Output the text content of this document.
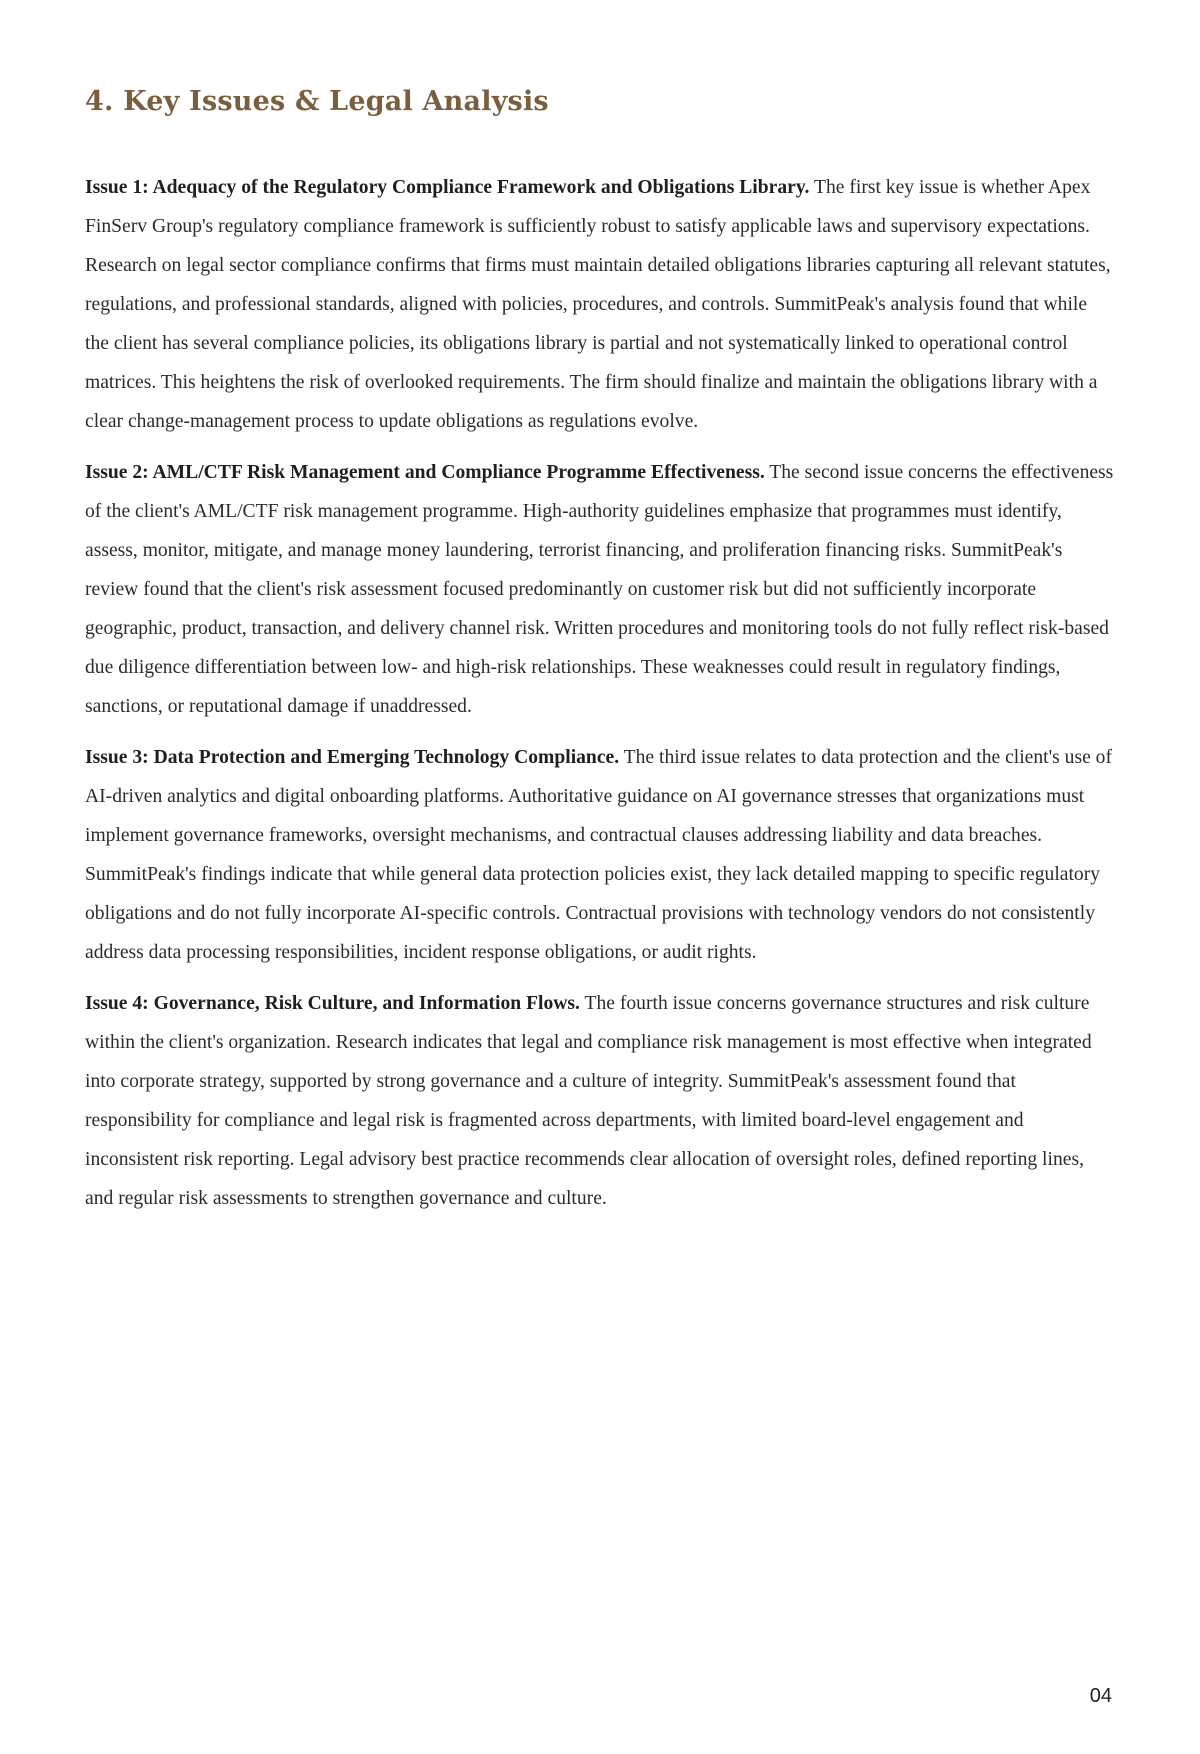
4. Key Issues & Legal Analysis

Issue 1: Adequacy of the Regulatory Compliance Framework and Obligations Library. The first key issue is whether Apex FinServ Group's regulatory compliance framework is sufficiently robust to satisfy applicable laws and supervisory expectations. Research on legal sector compliance confirms that firms must maintain detailed obligations libraries capturing all relevant statutes, regulations, and professional standards, aligned with policies, procedures, and controls. SummitPeak's analysis found that while the client has several compliance policies, its obligations library is partial and not systematically linked to operational control matrices. This heightens the risk of overlooked requirements. The firm should finalize and maintain the obligations library with a clear change-management process to update obligations as regulations evolve.

Issue 2: AML/CTF Risk Management and Compliance Programme Effectiveness. The second issue concerns the effectiveness of the client's AML/CTF risk management programme. High-authority guidelines emphasize that programmes must identify, assess, monitor, mitigate, and manage money laundering, terrorist financing, and proliferation financing risks. SummitPeak's review found that the client's risk assessment focused predominantly on customer risk but did not sufficiently incorporate geographic, product, transaction, and delivery channel risk. Written procedures and monitoring tools do not fully reflect risk-based due diligence differentiation between low- and high-risk relationships. These weaknesses could result in regulatory findings, sanctions, or reputational damage if unaddressed.

Issue 3: Data Protection and Emerging Technology Compliance. The third issue relates to data protection and the client's use of AI-driven analytics and digital onboarding platforms. Authoritative guidance on AI governance stresses that organizations must implement governance frameworks, oversight mechanisms, and contractual clauses addressing liability and data breaches. SummitPeak's findings indicate that while general data protection policies exist, they lack detailed mapping to specific regulatory obligations and do not fully incorporate AI-specific controls. Contractual provisions with technology vendors do not consistently address data processing responsibilities, incident response obligations, or audit rights.

Issue 4: Governance, Risk Culture, and Information Flows. The fourth issue concerns governance structures and risk culture within the client's organization. Research indicates that legal and compliance risk management is most effective when integrated into corporate strategy, supported by strong governance and a culture of integrity. SummitPeak's assessment found that responsibility for compliance and legal risk is fragmented across departments, with limited board-level engagement and inconsistent risk reporting. Legal advisory best practice recommends clear allocation of oversight roles, defined reporting lines, and regular risk assessments to strengthen governance and culture.

04
